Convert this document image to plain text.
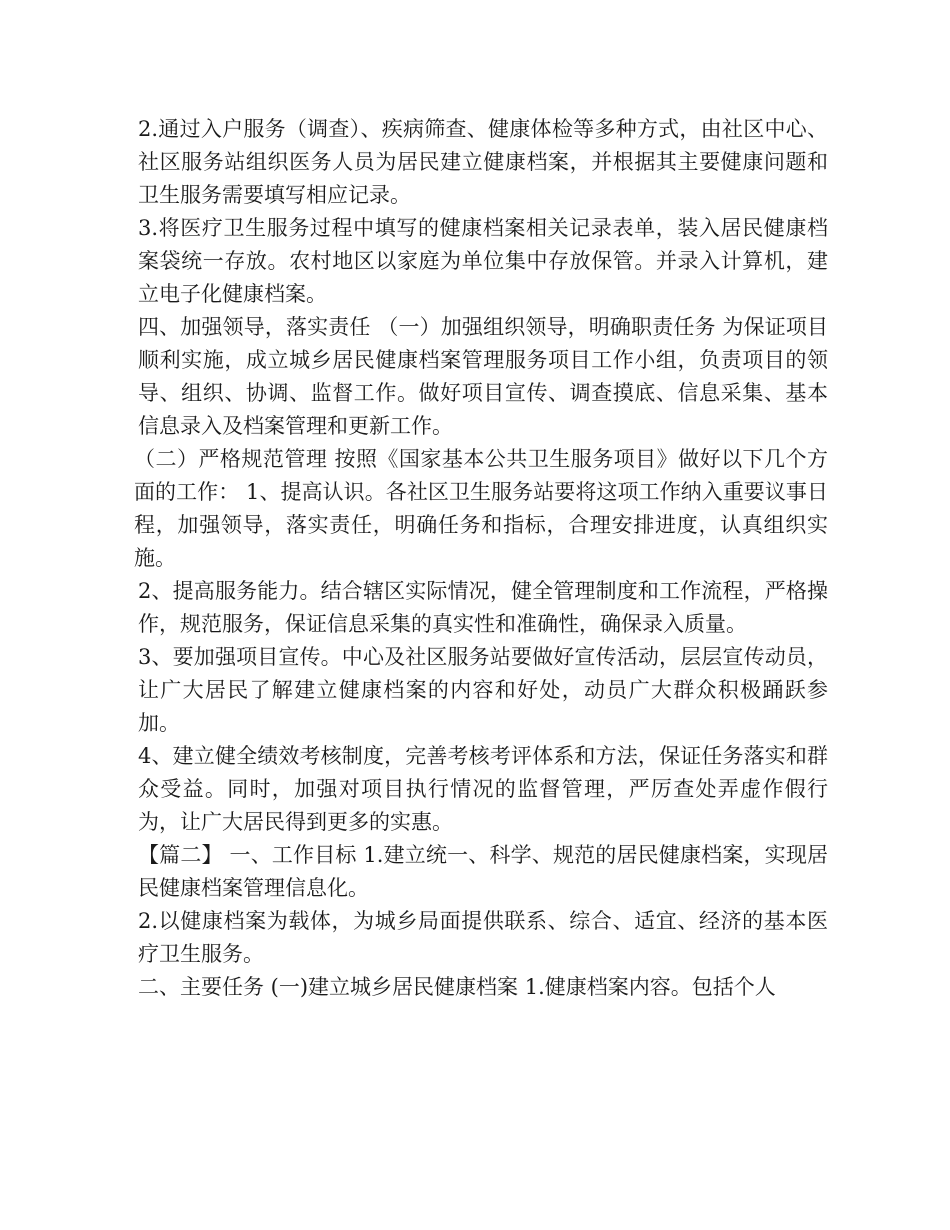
2.通过入户服务（调查）、疾病筛查、健康体检等多种方式，由社区中心、社区服务站组织医务人员为居民建立健康档案，并根据其主要健康问题和卫生服务需要填写相应记录。

3.将医疗卫生服务过程中填写的健康档案相关记录表单，装入居民健康档案袋统一存放。农村地区以家庭为单位集中存放保管。并录入计算机，建立电子化健康档案。

四、加强领导，落实责任 （一）加强组织领导，明确职责任务 为保证项目顺利实施，成立城乡居民健康档案管理服务项目工作小组，负责项目的领导、组织、协调、监督工作。做好项目宣传、调查摸底、信息采集、基本信息录入及档案管理和更新工作。

（二）严格规范管理 按照《国家基本公共卫生服务项目》做好以下几个方面的工作： 1、提高认识。各社区卫生服务站要将这项工作纳入重要议事日程，加强领导，落实责任，明确任务和指标，合理安排进度，认真组织实施。

2、提高服务能力。结合辖区实际情况，健全管理制度和工作流程，严格操作，规范服务，保证信息采集的真实性和准确性，确保录入质量。

3、要加强项目宣传。中心及社区服务站要做好宣传活动，层层宣传动员，让广大居民了解建立健康档案的内容和好处，动员广大群众积极踊跃参加。

4、建立健全绩效考核制度，完善考核考评体系和方法，保证任务落实和群众受益。同时，加强对项目执行情况的监督管理，严厉查处弄虚作假行为，让广大居民得到更多的实惠。

【篇二】 一、工作目标 1.建立统一、科学、规范的居民健康档案，实现居民健康档案管理信息化。

2.以健康档案为载体，为城乡局面提供联系、综合、适宜、经济的基本医疗卫生服务。

二、主要任务 (一)建立城乡居民健康档案 1.健康档案内容。包括个人
